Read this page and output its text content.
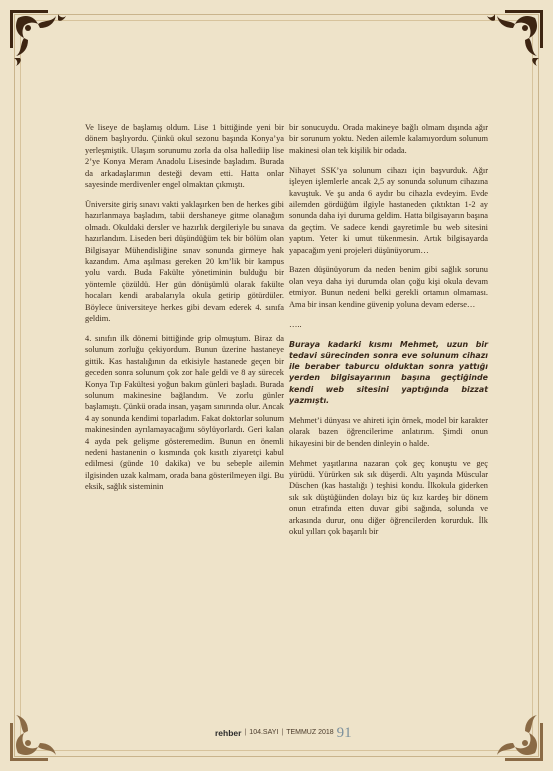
Ve liseye de başlamış oldum. Lise 1 bittiğinde yeni bir dönem başlıyordu. Çünkü okul sezonu başında Konya’ya yerleşmiştik. Ulaşım sorunumu zorla da olsa hallediip lise 2’ye Konya Meram Anadolu Lisesinde başladım. Burada da arkadaşlarımın desteği devam etti. Hatta onlar sayesinde merdivenler engel olmaktan çıkmıştı.

Üniversite giriş sınavı vakti yaklaşırken ben de herkes gibi hazırlanmaya başladım, tabii dershaneye gitme olanağım olmadı. Okuldaki dersler ve hazırlık dergileriyle bu sınava hazırlandım. Liseden beri düşündüğüm tek bir bölüm olan Bilgisayar Mühendisliğine sınav sonunda girmeye hak kazandım. Ama aşılması gereken 20 km’lik bir kampus yolu vardı. Buda Fakülte yönetiminin bulduğu bir yöntemle çözüldü. Her gün dönüşümlü olarak fakülte hocaları kendi arabalarıyla okula getirip götürdüler. Böylece üniversiteye herkes gibi devam ederek 4. sınıfa geldim.

4. sınıfın ilk dönemi bittiğinde grip olmuştum. Biraz da solunum zorluğu çekiyordum. Bunun üzerine hastaneye gittik. Kas hastalığının da etkisiyle hastanede geçen bir geceden sonra solunum çok zor hale geldi ve 8 ay sürecek Konya Tıp Fakültesi yoğun bakım günleri başladı. Burada solunum makinesine bağlandım. Ve zorlu günler başlamıştı. Çünkü orada insan, yaşam sınırında olur. Ancak 4 ay sonunda kendimi toparladım. Fakat doktorlar solunum makinesinden ayrılamayacağımı söylüyorlardı. Geri kalan 4 ayda pek gelişme gösteremedim. Bunun en önemli nedeni hastanenin o kısmında çok kısıtlı ziyaretçi kabul edilmesi (günde 10 dakika) ve bu sebeple ailemin ilgisinden uzak kalmam, orada bana gösterilmeyen ilgi. Bu eksik, sağlık sisteminin

bir sonucuydu. Orada makineye bağlı olmam dışında ağır bir sorunum yoktu. Neden ailemle kalamıyordum solunum makinesi olan tek kişilik bir odada.

Nihayet SSK’ya solunum cihazı için başvurduk. Ağır işleyen işlemlerle ancak 2,5 ay sonunda solunum cihazına kavuştuk. Ve şu anda 6 aydır bu cihazla evdeyim. Evde ailemden gördüğüm ilgiyle hastaneden çıktıktan 1-2 ay sonunda daha iyi duruma geldim. Hatta bilgisayarın başına da geçtim. Ve sadece kendi gayretimle bu web sitesini yaptım. Yeter ki umut tükenmesin. Artık bilgisayarda yapacağım yeni projeleri düşünüyorum…

Bazen düşünüyorum da neden benim gibi sağlık sorunu olan veya daha iyi durumda olan çoğu kişi okula devam etmiyor. Bunun nedeni belki gerekli ortamın olmaması. Ama bir insan kendine güvenip yoluna devam ederse…

…..

Buraya kadarki kısmı Mehmet, uzun bir tedavi sürecinden sonra eve solunum cihazı ile beraber taburcu olduktan sonra yattığı yerden bilgisayarının başına geçtiğinde kendi web sitesini yaptığında bizzat yazmıştı.

Mehmet’i dünyası ve ahireti için örnek, model bir karakter olarak bazen öğrencilerime anlatırım. Şimdi onun hikayesini bir de benden dinleyin o halde.

Mehmet yaşıtlarına nazaran çok geç konuştu ve geç yürüdü. Yürürken sık sık düşerdi. Altı yaşında Müscular Düschen (kas hastalığı ) teşhisi kondu. İlkokula giderken sık sık düştüğünden dolayı biz üç kız kardeş bir dönem onun etrafında etten duvar gibi sağında, solunda ve arkasında durur, onu diğer öğrencilerden korurduk. İlk okul yılları çok başarılı bir

rehber | 104.SAYI | TEMMUZ 2018 91
